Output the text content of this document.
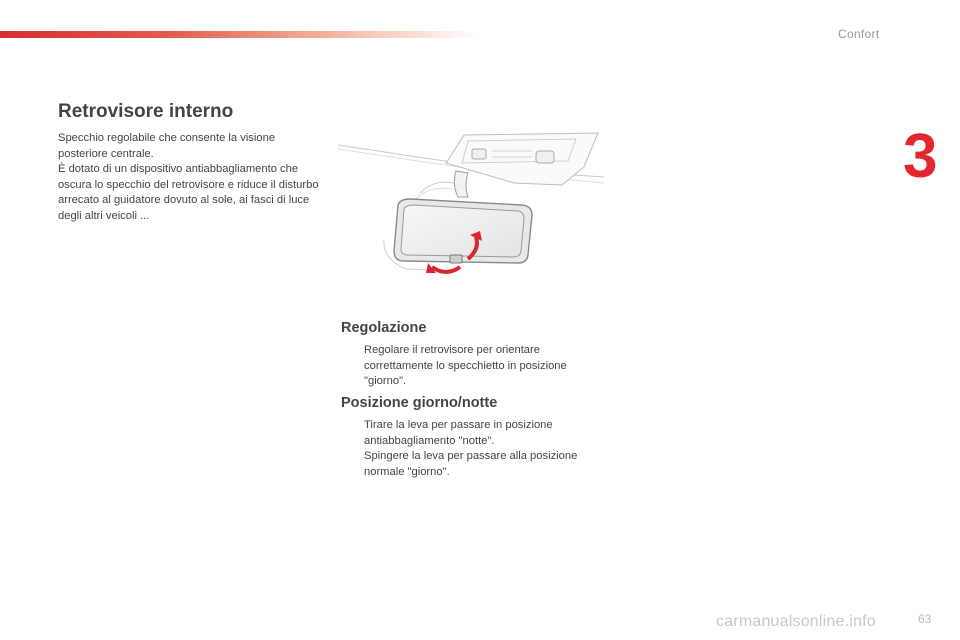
Confort
3
Retrovisore interno

Specchio regolabile che consente la visione posteriore centrale.

È dotato di un dispositivo antiabbagliamento che oscura lo specchio del retrovisore e riduce il disturbo arrecato al guidatore dovuto al sole, ai fasci di luce degli altri veicoli ...

Regolazione
Regolare il retrovisore per orientare correttamente lo specchietto in posizione "giorno".
Posizione giorno/notte
Tirare la leva per passare in posizione antiabbagliamento "notte".
Spingere la leva per passare alla posizione normale "giorno".
carmanualsonline.info	63
